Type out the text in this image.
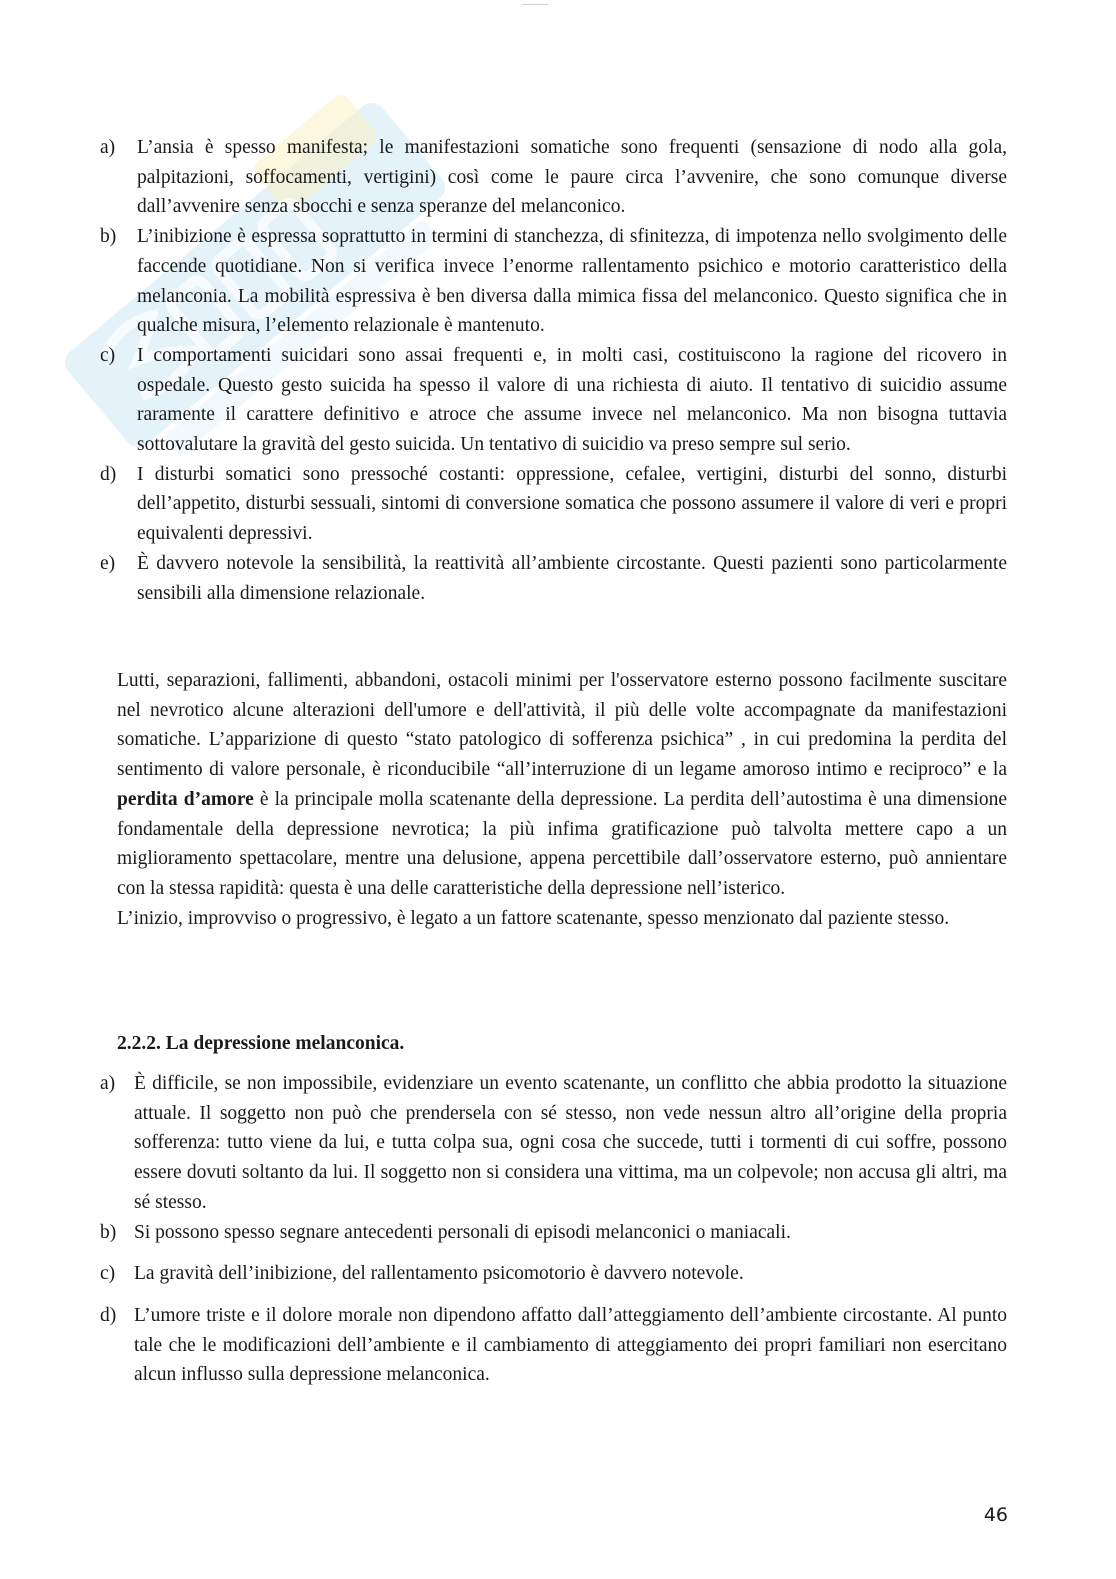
a) L’ansia è spesso manifesta; le manifestazioni somatiche sono frequenti (sensazione di nodo alla gola, palpitazioni, soffocamenti, vertigini) così come le paure circa l’avvenire, che sono comunque diverse dall’avvenire senza sbocchi e senza speranze del melanconico.
b) L’inibizione è espressa soprattutto in termini di stanchezza, di sfinitezza, di impotenza nello svolgimento delle faccende quotidiane. Non si verifica invece l’enorme rallentamento psichico e motorio caratteristico della melanconia. La mobilità espressiva è ben diversa dalla mimica fissa del melanconico. Questo significa che in qualche misura, l’elemento relazionale è mantenuto.
c) I comportamenti suicidari sono assai frequenti e, in molti casi, costituiscono la ragione del ricovero in ospedale. Questo gesto suicida ha spesso il valore di una richiesta di aiuto. Il tentativo di suicidio assume raramente il carattere definitivo e atroce che assume invece nel melanconico. Ma non bisogna tuttavia sottovalutare la gravità del gesto suicida. Un tentativo di suicidio va preso sempre sul serio.
d) I disturbi somatici sono pressoché costanti: oppressione, cefalee, vertigini, disturbi del sonno, disturbi dell’appetito, disturbi sessuali, sintomi di conversione somatica che possono assumere il valore di veri e propri equivalenti depressivi.
e) È davvero notevole la sensibilità, la reattività all’ambiente circostante. Questi pazienti sono particolarmente sensibili alla dimensione relazionale.

Lutti, separazioni, fallimenti, abbandoni, ostacoli minimi per l'osservatore esterno possono facilmente suscitare nel nevrotico alcune alterazioni dell'umore e dell'attività, il più delle volte accompagnate da manifestazioni somatiche. L’apparizione di questo “stato patologico di sofferenza psichica” , in cui predomina la perdita del sentimento di valore personale, è riconducibile “all’interruzione di un legame amoroso intimo e reciproco” e la perdita d’amore è la principale molla scatenante della depressione. La perdita dell’autostima è una dimensione fondamentale della depressione nevrotica; la più infima gratificazione può talvolta mettere capo a un miglioramento spettacolare, mentre una delusione, appena percettibile dall’osservatore esterno, può annientare con la stessa rapidità: questa è una delle caratteristiche della depressione nell’isterico.

L’inizio, improvviso o progressivo, è legato a un fattore scatenante, spesso menzionato dal paziente stesso.

2.2.2. La depressione melanconica.
a) È difficile, se non impossibile, evidenziare un evento scatenante, un conflitto che abbia prodotto la situazione attuale. Il soggetto non può che prendersela con sé stesso, non vede nessun altro all’origine della propria sofferenza: tutto viene da lui, e tutta colpa sua, ogni cosa che succede, tutti i tormenti di cui soffre, possono essere dovuti soltanto da lui. Il soggetto non si considera una vittima, ma un colpevole; non accusa gli altri, ma sé stesso.
b) Si possono spesso segnare antecedenti personali di episodi melanconici o maniacali.
c) La gravità dell’inibizione, del rallentamento psicomotorio è davvero notevole.
d) L’umore triste e il dolore morale non dipendono affatto dall’atteggiamento dell’ambiente circostante. Al punto tale che le modificazioni dell’ambiente e il cambiamento di atteggiamento dei propri familiari non esercitano alcun influsso sulla depressione melanconica.
46
